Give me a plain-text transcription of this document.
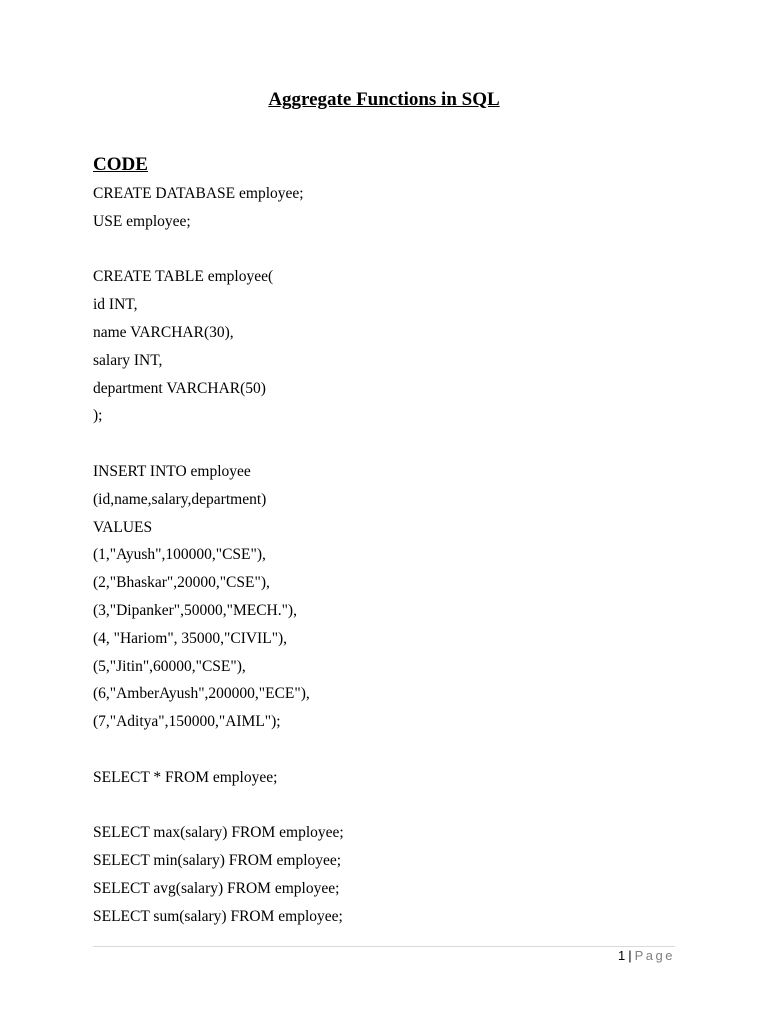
Aggregate Functions in SQL
CODE
CREATE DATABASE employee;
USE employee;
CREATE TABLE employee(
id INT,
name VARCHAR(30),
salary INT,
department VARCHAR(50)
);
INSERT INTO employee
(id,name,salary,department)
VALUES
(1,"Ayush",100000,"CSE"),
(2,"Bhaskar",20000,"CSE"),
(3,"Dipanker",50000,"MECH."),
(4, "Hariom", 35000,"CIVIL"),
(5,"Jitin",60000,"CSE"),
(6,"AmberAyush",200000,"ECE"),
(7,"Aditya",150000,"AIML");
SELECT * FROM employee;
SELECT max(salary) FROM employee;
SELECT min(salary) FROM employee;
SELECT avg(salary) FROM employee;
SELECT sum(salary) FROM employee;
1 | Page
